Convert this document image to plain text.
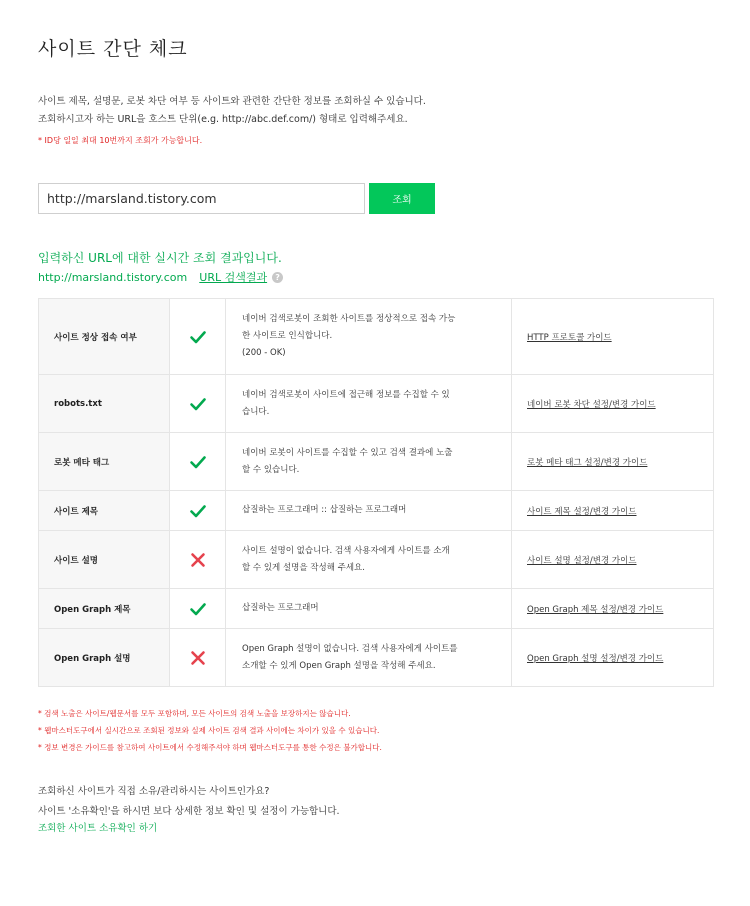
사이트 간단 체크
사이트 제목, 설명문, 로봇 차단 여부 등 사이트와 관련한 간단한 정보를 조회하실 수 있습니다.
조회하시고자 하는 URL을 호스트 단위(e.g. http://abc.def.com/) 형태로 입력해주세요.
* ID당 일일 최대 10번까지 조회가 가능합니다.
http://marsland.tistory.com
조회
입력하신 URL에 대한 실시간 조회 결과입니다.
http://marsland.tistory.com URL 검색결과	?
사이트 정상 접속 여부		네이버 검색로봇이 조회한 사이트를 정상적으로 접속 가능
한 사이트로 인식합니다.
(200 - OK)	HTTP 프로토콜 가이드
robots.txt		네이버 검색로봇이 사이트에 접근해 정보를 수집할 수 있
습니다.	네이버 로봇 차단 설정/변경 가이드
로봇 메타 태그		네이버 로봇이 사이트를 수집할 수 있고 검색 결과에 노출
할 수 있습니다.	로봇 메타 태그 설정/변경 가이드
사이트 제목		삽질하는 프로그래머 :: 삽질하는 프로그래머	사이트 제목 설정/변경 가이드
사이트 설명		사이트 설명이 없습니다. 검색 사용자에게 사이트를 소개
할 수 있게 설명을 작성해 주세요.	사이트 설명 설정/변경 가이드
Open Graph 제목		삽질하는 프로그래머	Open Graph 제목 설정/변경 가이드
Open Graph 설명		Open Graph 설명이 없습니다. 검색 사용자에게 사이트를
소개할 수 있게 Open Graph 설명을 작성해 주세요.	Open Graph 설명 설정/변경 가이드
* 검색 노출은 사이트/웹문서를 모두 포함하며, 모든 사이트의 검색 노출을 보장하지는 않습니다.
* 웹마스터도구에서 실시간으로 조회된 정보와 실제 사이트 검색 결과 사이에는 차이가 있을 수 있습니다.
* 정보 변경은 가이드를 참고하여 사이트에서 수정해주셔야 하며 웹마스터도구를 통한 수정은 불가합니다.
조회하신 사이트가 직접 소유/관리하시는 사이트인가요?
사이트 '소유확인'을 하시면 보다 상세한 정보 확인 및 설정이 가능합니다.
조회한 사이트 소유확인 하기
